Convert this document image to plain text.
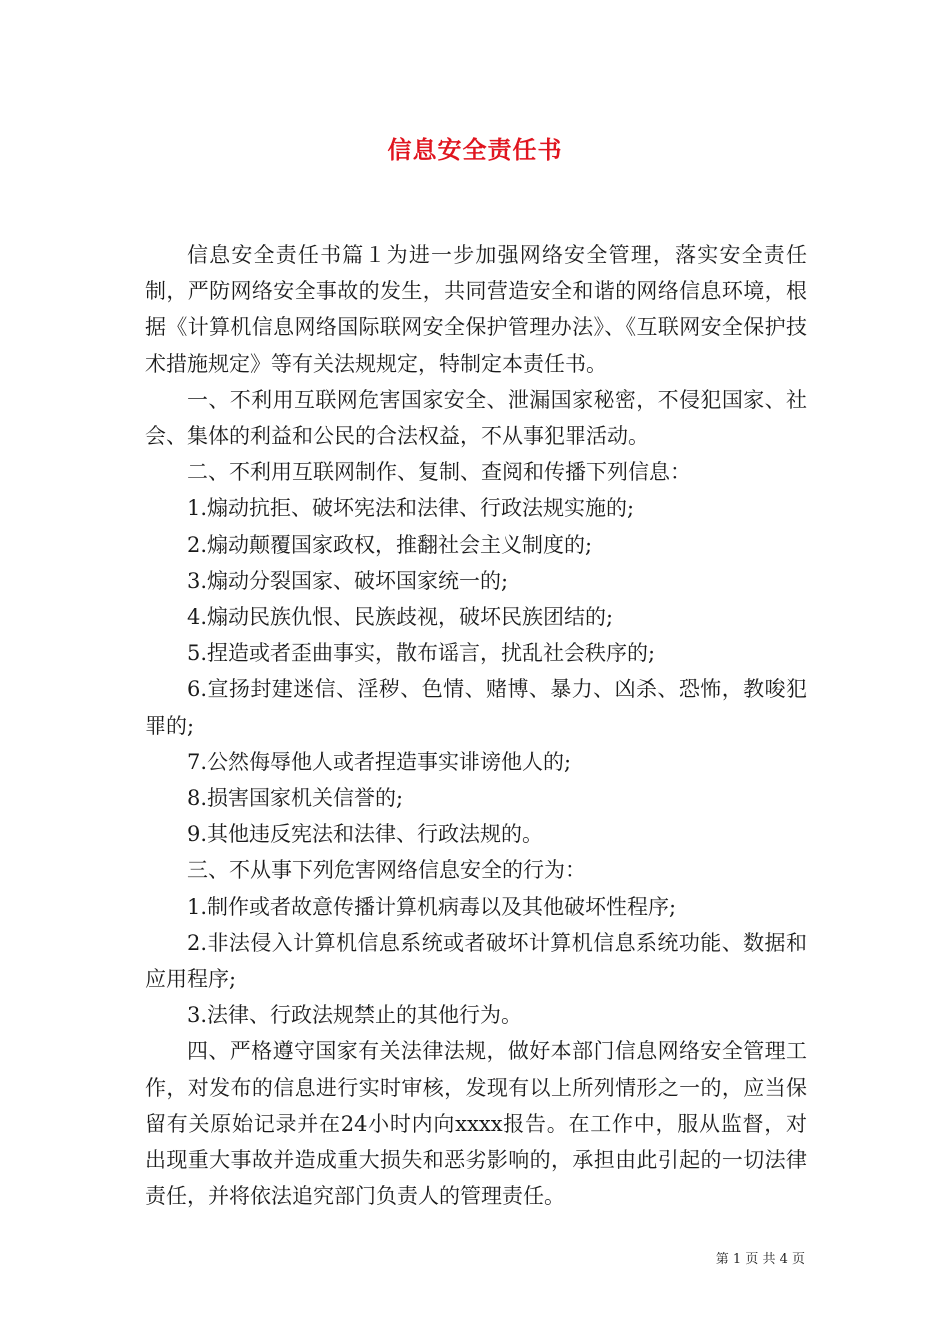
信息安全责任书

信息安全责任书篇１为进一步加强网络安全管理，落实安全责任制，严防网络安全事故的发生，共同营造安全和谐的网络信息环境，根据《计算机信息网络国际联网安全保护管理办法》、《互联网安全保护技术措施规定》等有关法规规定，特制定本责任书。

一、不利用互联网危害国家安全、泄漏国家秘密，不侵犯国家、社会、集体的利益和公民的合法权益，不从事犯罪活动。

二、不利用互联网制作、复制、查阅和传播下列信息：

1.煽动抗拒、破坏宪法和法律、行政法规实施的;

2.煽动颠覆国家政权，推翻社会主义制度的;

3.煽动分裂国家、破坏国家统一的;

4.煽动民族仇恨、民族歧视，破坏民族团结的;

5.捏造或者歪曲事实，散布谣言，扰乱社会秩序的;

6.宣扬封建迷信、淫秽、色情、赌博、暴力、凶杀、恐怖，教唆犯罪的;

7.公然侮辱他人或者捏造事实诽谤他人的;

8.损害国家机关信誉的;

9.其他违反宪法和法律、行政法规的。

三、不从事下列危害网络信息安全的行为：

1.制作或者故意传播计算机病毒以及其他破坏性程序;

2.非法侵入计算机信息系统或者破坏计算机信息系统功能、数据和应用程序;

3.法律、行政法规禁止的其他行为。

四、严格遵守国家有关法律法规，做好本部门信息网络安全管理工作，对发布的信息进行实时审核，发现有以上所列情形之一的，应当保留有关原始记录并在24小时内向xxxx报告。在工作中，服从监督，对出现重大事故并造成重大损失和恶劣影响的，承担由此引起的一切法律责任，并将依法追究部门负责人的管理责任。

第 1 页 共 4 页
